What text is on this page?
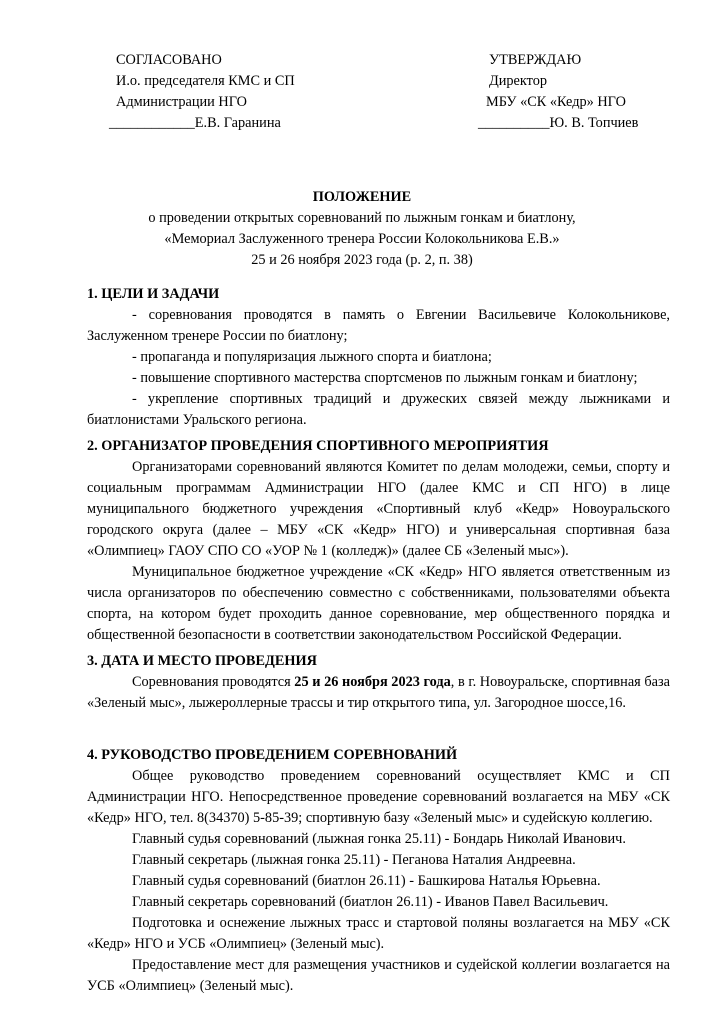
СОГЛАСОВАНО
И.о. председателя КМС и СП
Администрации НГО
____________Е.В. Гаранина
УТВЕРЖДАЮ
Директор
МБУ «СК «Кедр» НГО
__________Ю. В. Топчиев
ПОЛОЖЕНИЕ
о проведении открытых соревнований по лыжным гонкам и биатлону,
«Мемориал Заслуженного тренера России Колокольникова Е.В.»
25 и 26 ноября 2023 года (р. 2, п. 38)
1. ЦЕЛИ И ЗАДАЧИ
- соревнования проводятся в память о Евгении Васильевиче Колокольникове,
Заслуженном тренере России по биатлону;
- пропаганда и популяризация лыжного спорта и биатлона;
- повышение спортивного мастерства спортсменов по лыжным гонкам и биатлону;
- укрепление спортивных традиций и дружеских связей между лыжниками и
биатлонистами Уральского региона.
2. ОРГАНИЗАТОР ПРОВЕДЕНИЯ СПОРТИВНОГО МЕРОПРИЯТИЯ
Организаторами соревнований являются Комитет по делам молодежи, семьи, спорту и социальным программам Администрации НГО (далее КМС и СП НГО) в лице муниципального бюджетного учреждения «Спортивный клуб «Кедр» Новоуральского городского округа (далее – МБУ «СК «Кедр» НГО) и универсальная спортивная база «Олимпиец» ГАОУ СПО СО «УОР № 1 (колледж)» (далее СБ «Зеленый мыс»).
Муниципальное бюджетное учреждение «СК «Кедр» НГО является ответственным из числа организаторов по обеспечению совместно с собственниками, пользователями объекта спорта, на котором будет проходить данное соревнование, мер общественного порядка и общественной безопасности в соответствии законодательством Российской Федерации.
3. ДАТА И МЕСТО ПРОВЕДЕНИЯ
Соревнования проводятся 25 и 26 ноября 2023 года, в г. Новоуральске, спортивная база «Зеленый мыс», лыжероллерные трассы и тир открытого типа, ул. Загородное шоссе,16.
4. РУКОВОДСТВО ПРОВЕДЕНИЕМ СОРЕВНОВАНИЙ
Общее руководство проведением соревнований осуществляет КМС и СП Администрации НГО. Непосредственное проведение соревнований возлагается на МБУ «СК «Кедр» НГО, тел. 8(34370) 5-85-39; спортивную базу «Зеленый мыс» и судейскую коллегию.
Главный судья соревнований (лыжная гонка 25.11) - Бондарь Николай Иванович.
Главный секретарь (лыжная гонка 25.11) - Пеганова Наталия Андреевна.
Главный судья соревнований (биатлон 26.11) - Башкирова Наталья Юрьевна.
Главный секретарь соревнований (биатлон 26.11) - Иванов Павел Васильевич.
Подготовка и оснежение лыжных трасс и стартовой поляны возлагается на МБУ «СК «Кедр» НГО и УСБ «Олимпиец» (Зеленый мыс).
Предоставление мест для размещения участников и судейской коллегии возлагается на УСБ «Олимпиец» (Зеленый мыс).
